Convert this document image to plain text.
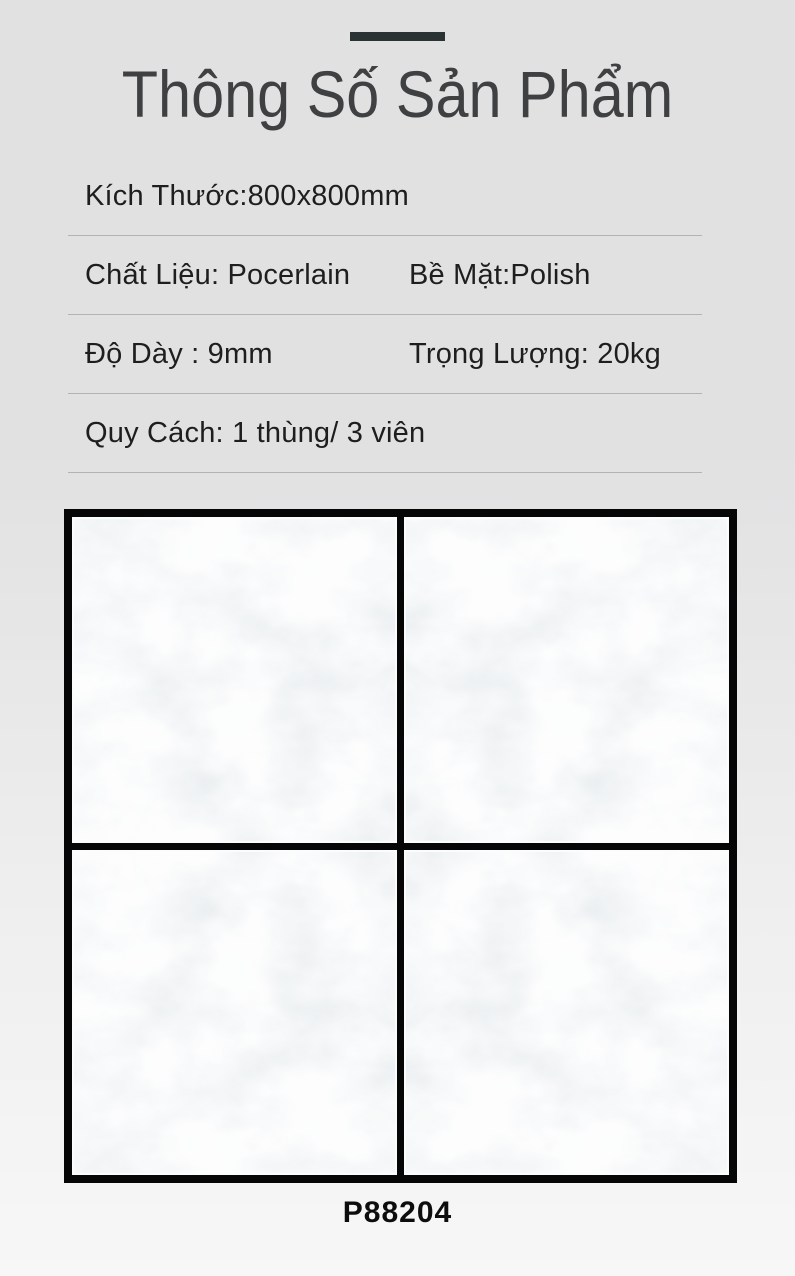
Thông Số Sản Phẩm
Kích Thước:800x800mm
Chất Liệu: Pocerlain	Bề Mặt:Polish
Độ Dày : 9mm	Trọng Lượng: 20kg
Quy Cách: 1 thùng/ 3 viên
P88204
